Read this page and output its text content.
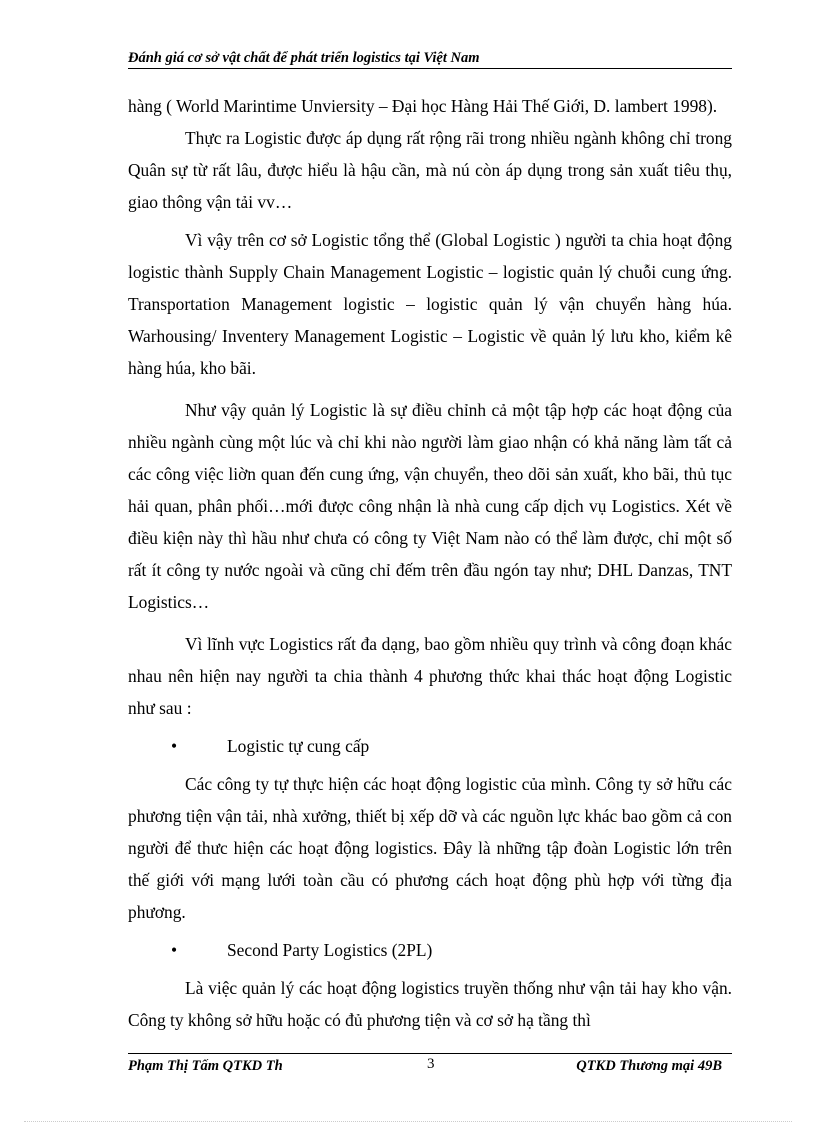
Đánh giá cơ sở vật chất để phát triển logistics tại Việt Nam

hàng ( World Marintime Unviersity – Đại học Hàng Hải Thế Giới, D. lambert 1998).

Thực ra Logistic được áp dụng rất rộng rãi trong nhiều ngành không chỉ trong Quân sự từ rất lâu, được hiểu là hậu cần, mà nú còn áp dụng trong sản xuất tiêu thụ, giao thông vận tải vv…

Vì vậy trên cơ sở Logistic tổng thể (Global Logistic ) người ta chia hoạt động logistic thành Supply Chain Management Logistic – logistic quản lý chuỗi cung ứng. Transportation Management logistic – logistic quản lý vận chuyển hàng húa. Warhousing/ Inventery Management Logistic – Logistic về quản lý lưu kho, kiểm kê hàng húa, kho bãi.

Như vậy quản lý Logistic là sự điều chỉnh cả một tập hợp các hoạt động của nhiều ngành cùng một lúc và chỉ khi nào người làm giao nhận có khả năng làm tất cả các công việc liờn quan đến cung ứng, vận chuyển, theo dõi sản xuất, kho bãi, thủ tục hải quan, phân phối…mới được công nhận là nhà cung cấp dịch vụ Logistics. Xét về điều kiện này thì hầu như chưa có công ty Việt Nam nào có thể làm được, chỉ một số rất ít công ty nước ngoài và cũng chỉ đếm trên đầu ngón tay như; DHL Danzas, TNT Logistics…

Vì lĩnh vực Logistics rất đa dạng, bao gồm nhiều quy trình và công đoạn khác nhau nên hiện nay người ta chia thành 4 phương thức khai thác hoạt động Logistic như sau :

•	Logistic tự cung cấp

Các công ty tự thực hiện các hoạt động logistic của mình. Công ty sở hữu các phương tiện vận tải, nhà xưởng, thiết bị xếp dỡ và các nguồn lực khác bao gồm cả con người để thưc hiện các hoạt động logistics. Đây là những tập đoàn Logistic lớn trên thế giới với mạng lưới toàn cầu có phương cách hoạt động phù hợp với từng địa phương.

•	Second Party Logistics (2PL)

Là việc quản lý các hoạt động logistics truyền thống như vận tải hay kho vận. Công ty không sở hữu hoặc có đủ phương tiện và cơ sở hạ tầng thì

Phạm Thị Tấm QTKD Th	3	QTKD Thương mại 49B
